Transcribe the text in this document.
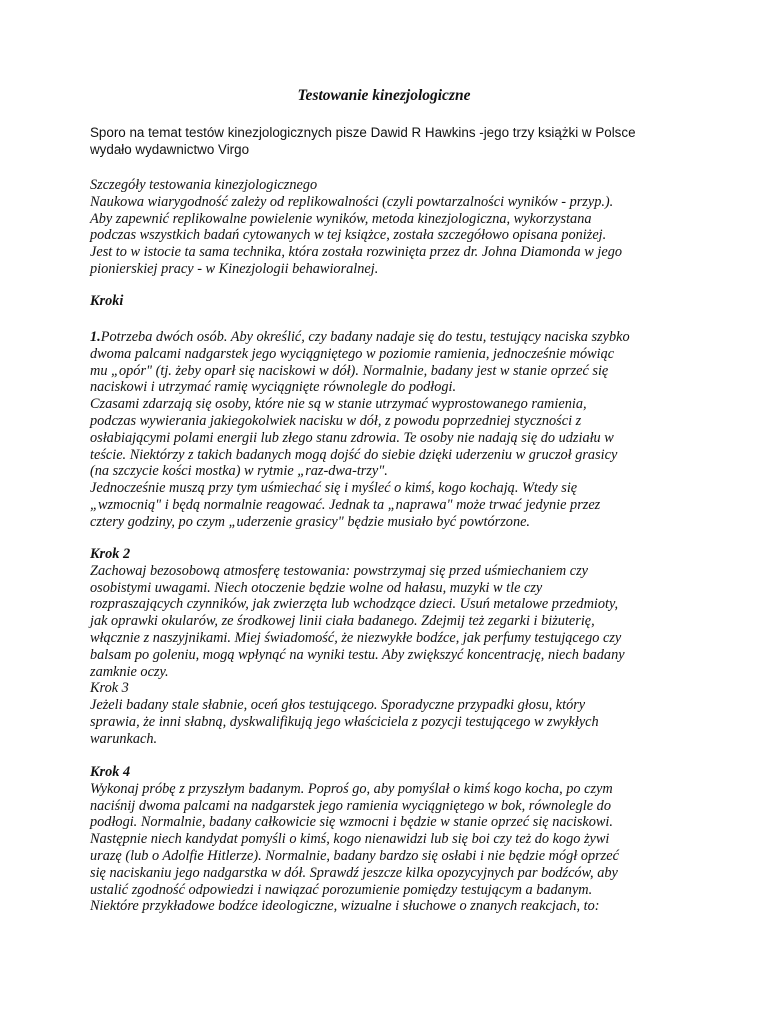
Testowanie kinezjologiczne
Sporo na temat testów kinezjologicznych pisze Dawid R Hawkins -jego trzy książki w Polsce
wydało wydawnictwo Virgo
Szczegóły testowania kinezjologicznego
Naukowa wiarygodność zależy od replikowalności (czyli powtarzalności wyników - przyp.).
Aby zapewnić replikowalne powielenie wyników, metoda kinezjologiczna, wykorzystana
podczas wszystkich badań cytowanych w tej książce, została szczegółowo opisana poniżej.
Jest to w istocie ta sama technika, która została rozwinięta przez dr. Johna Diamonda w jego
pionierskiej pracy - w Kinezjologii behawioralnej.
Kroki
1.Potrzeba dwóch osób. Aby określić, czy badany nadaje się do testu, testujący naciska szybko
dwoma palcami nadgarstek jego wyciągniętego w poziomie ramienia, jednocześnie mówiąc
mu „opór" (tj. żeby oparł się naciskowi w dół). Normalnie, badany jest w stanie oprzeć się
naciskowi i utrzymać ramię wyciągnięte równolegle do podłogi.
Czasami zdarzają się osoby, które nie są w stanie utrzymać wyprostowanego ramienia,
podczas wywierania jakiegokolwiek nacisku w dół, z powodu poprzedniej styczności z
osłabiającymi polami energii lub złego stanu zdrowia. Te osoby nie nadają się do udziału w
teście. Niektórzy z takich badanych mogą dojść do siebie dzięki uderzeniu w gruczoł grasicy
(na szczycie kości mostka) w rytmie „raz-dwa-trzy".
Jednocześnie muszą przy tym uśmiechać się i myśleć o kimś, kogo kochają. Wtedy się
„wzmocnią" i będą normalnie reagować. Jednak ta „naprawa" może trwać jedynie przez
cztery godziny, po czym „uderzenie grasicy" będzie musiało być powtórzone.
Krok 2
Zachowaj bezosobową atmosferę testowania: powstrzymaj się przed uśmiechaniem czy
osobistymi uwagami. Niech otoczenie będzie wolne od hałasu, muzyki w tle czy
rozpraszających czynników, jak zwierzęta lub wchodzące dzieci. Usuń metalowe przedmioty,
jak oprawki okularów, ze środkowej linii ciała badanego. Zdejmij też zegarki i biżuterię,
włącznie z naszyjnikami. Miej świadomość, że niezwykłe bodźce, jak perfumy testującego czy
balsam po goleniu, mogą wpłynąć na wyniki testu. Aby zwiększyć koncentrację, niech badany
zamknie oczy.
Krok 3
Jeżeli badany stale słabnie, oceń głos testującego. Sporadyczne przypadki głosu, który
sprawia, że inni słabną, dyskwalifikują jego właściciela z pozycji testującego w zwykłych
warunkach.
Krok 4
Wykonaj próbę z przyszłym badanym. Poproś go, aby pomyślał o kimś kogo kocha, po czym
naciśnij dwoma palcami na nadgarstek jego ramienia wyciągniętego w bok, równolegle do
podłogi. Normalnie, badany całkowicie się wzmocni i będzie w stanie oprzeć się naciskowi.
Następnie niech kandydat pomyśli o kimś, kogo nienawidzi lub się boi czy też do kogo żywi
urazę (lub o Adolfie Hitlerze). Normalnie, badany bardzo się osłabi i nie będzie mógł oprzeć
się naciskaniu jego nadgarstka w dół. Sprawdź jeszcze kilka opozycyjnych par bodźców, aby
ustalić zgodność odpowiedzi i nawiązać porozumienie pomiędzy testującym a badanym.
Niektóre przykładowe bodźce ideologiczne, wizualne i słuchowe o znanych reakcjach, to:
